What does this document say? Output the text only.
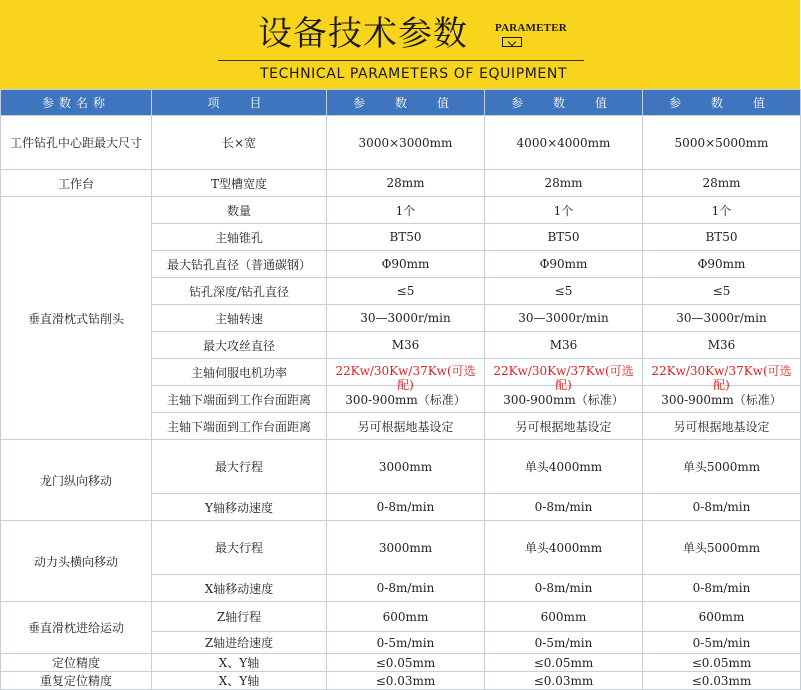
设备技术参数 PARAMETER
TECHNICAL PARAMETERS OF EQUIPMENT
参数名称	项　目	参　数　值	参　数　值	参　数　值
工件钻孔中心距最大尺寸	长×宽	3000×3000mm	4000×4000mm	5000×5000mm
工作台	T型槽宽度	28mm	28mm	28mm
垂直滑枕式钻削头	数量	1个	1个	1个
	主轴锥孔	BT50	BT50	BT50
	最大钻孔直径（普通碳钢）	Φ90mm	Φ90mm	Φ90mm
	钻孔深度/钻孔直径	≤5	≤5	≤5
	主轴转速	30—3000r/min	30—3000r/min	30—3000r/min
	最大攻丝直径	M36	M36	M36
	主轴伺服电机功率	22Kw/30Kw/37Kw(可选配)	22Kw/30Kw/37Kw(可选配)	22Kw/30Kw/37Kw(可选配)

	主轴下端面到工作台面距离	300-900mm（标准）	300-900mm（标准）	300-900mm（标准）
	主轴下端面到工作台面距离	另可根据地基设定	另可根据地基设定	另可根据地基设定
龙门纵向移动	最大行程	3000mm	单头4000mm	单头5000mm
	Y轴移动速度	0-8m/min	0-8m/min	0-8m/min
动力头横向移动	最大行程	3000mm	单头4000mm	单头5000mm
	X轴移动速度	0-8m/min	0-8m/min	0-8m/min
垂直滑枕进给运动	Z轴行程	600mm	600mm	600mm
	Z轴进给速度	0-5m/min	0-5m/min	0-5m/min
定位精度	X、Y轴	≤0.05mm	≤0.05mm	≤0.05mm
重复定位精度	X、Y轴	≤0.03mm	≤0.03mm	≤0.03mm
